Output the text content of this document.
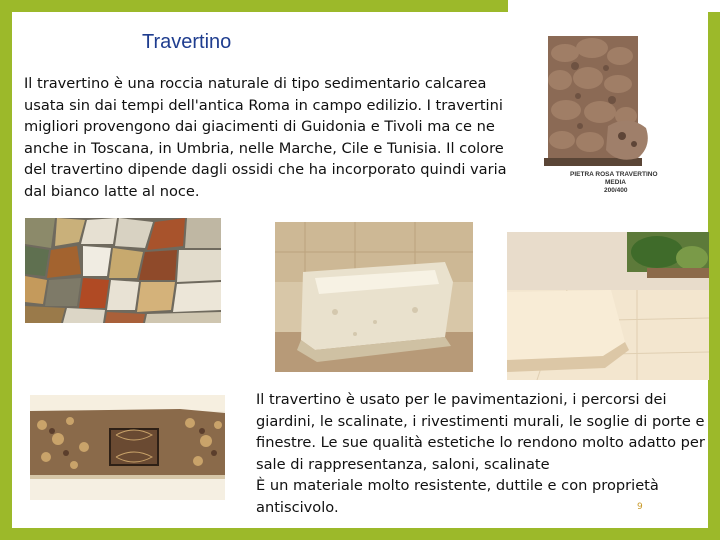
Travertino

Il travertino è una roccia naturale di tipo sedimentario calcarea usata sin dai tempi dell'antica Roma in campo edilizio. I travertini migliori provengono dai giacimenti di Guidonia e Tivoli ma ce ne anche in Toscana, in Umbria, nelle Marche, Cile e Tunisia. Il colore del travertino dipende dagli ossidi che ha incorporato quindi varia dal bianco latte al noce.

PIETRA ROSA TRAVERTINO
MEDIA
200/400
Il travertino è usato per le pavimentazioni, i percorsi dei giardini, le scalinate, i rivestimenti murali, le soglie di porte e finestre. Le sue qualità estetiche lo rendono molto adatto per sale di rappresentanza, saloni, scalinate
È un materiale molto resistente, duttile e con proprietà antiscivolo.	9
